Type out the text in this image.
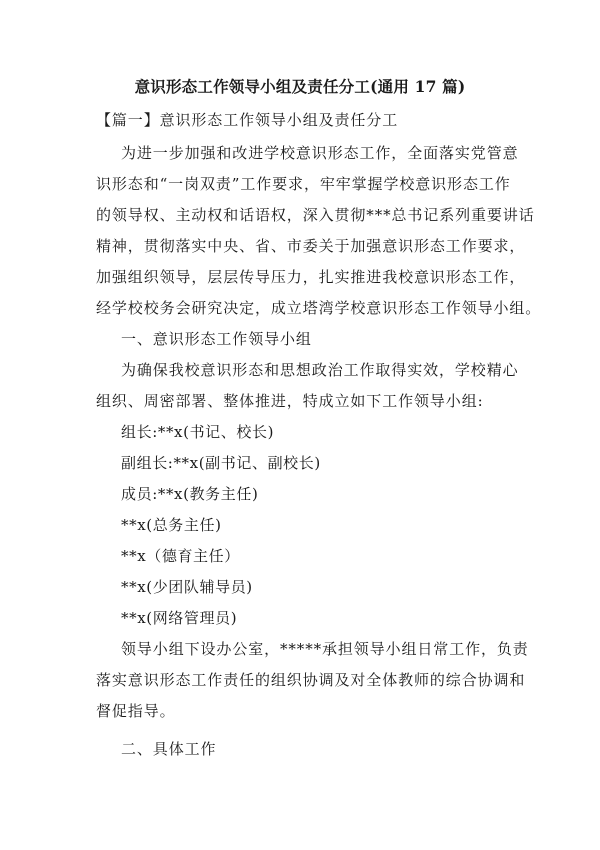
意识形态工作领导小组及责任分工(通用 17 篇)
【篇一】意识形态工作领导小组及责任分工
为进一步加强和改进学校意识形态工作，全面落实党管意
识形态和“一岗双责”工作要求，牢牢掌握学校意识形态工作
的领导权、主动权和话语权，深入贯彻***总书记系列重要讲话
精神，贯彻落实中央、省、市委关于加强意识形态工作要求，
加强组织领导，层层传导压力，扎实推进我校意识形态工作，
经学校校务会研究决定，成立塔湾学校意识形态工作领导小组。
一、意识形态工作领导小组
为确保我校意识形态和思想政治工作取得实效，学校精心
组织、周密部署、整体推进，特成立如下工作领导小组:
组长:**x(书记、校长)
副组长:**x(副书记、副校长)
成员:**x(教务主任)
**x(总务主任)
**x（德育主任）
**x(少团队辅导员)
**x(网络管理员)
领导小组下设办公室，*****承担领导小组日常工作，负责
落实意识形态工作责任的组织协调及对全体教师的综合协调和
督促指导。
二、具体工作
